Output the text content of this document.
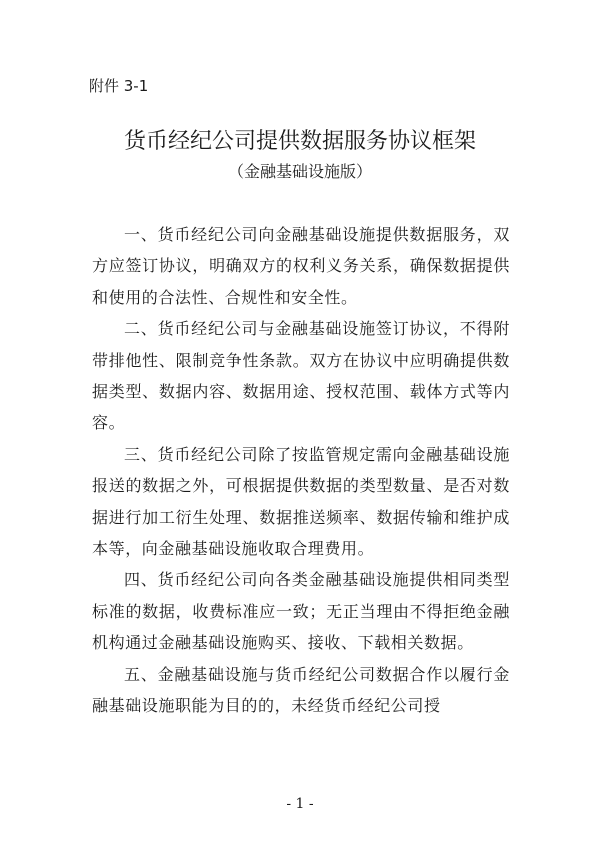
附件 3-1

货币经纪公司提供数据服务协议框架

（金融基础设施版）

一、货币经纪公司向金融基础设施提供数据服务，双方应签订协议，明确双方的权利义务关系，确保数据提供和使用的合法性、合规性和安全性。

二、货币经纪公司与金融基础设施签订协议，不得附带排他性、限制竞争性条款。双方在协议中应明确提供数据类型、数据内容、数据用途、授权范围、载体方式等内容。

三、货币经纪公司除了按监管规定需向金融基础设施报送的数据之外，可根据提供数据的类型数量、是否对数据进行加工衍生处理、数据推送频率、数据传输和维护成本等，向金融基础设施收取合理费用。

四、货币经纪公司向各类金融基础设施提供相同类型标准的数据，收费标准应一致；无正当理由不得拒绝金融机构通过金融基础设施购买、接收、下载相关数据。

五、金融基础设施与货币经纪公司数据合作以履行金融基础设施职能为目的的，未经货币经纪公司授

- 1 -
